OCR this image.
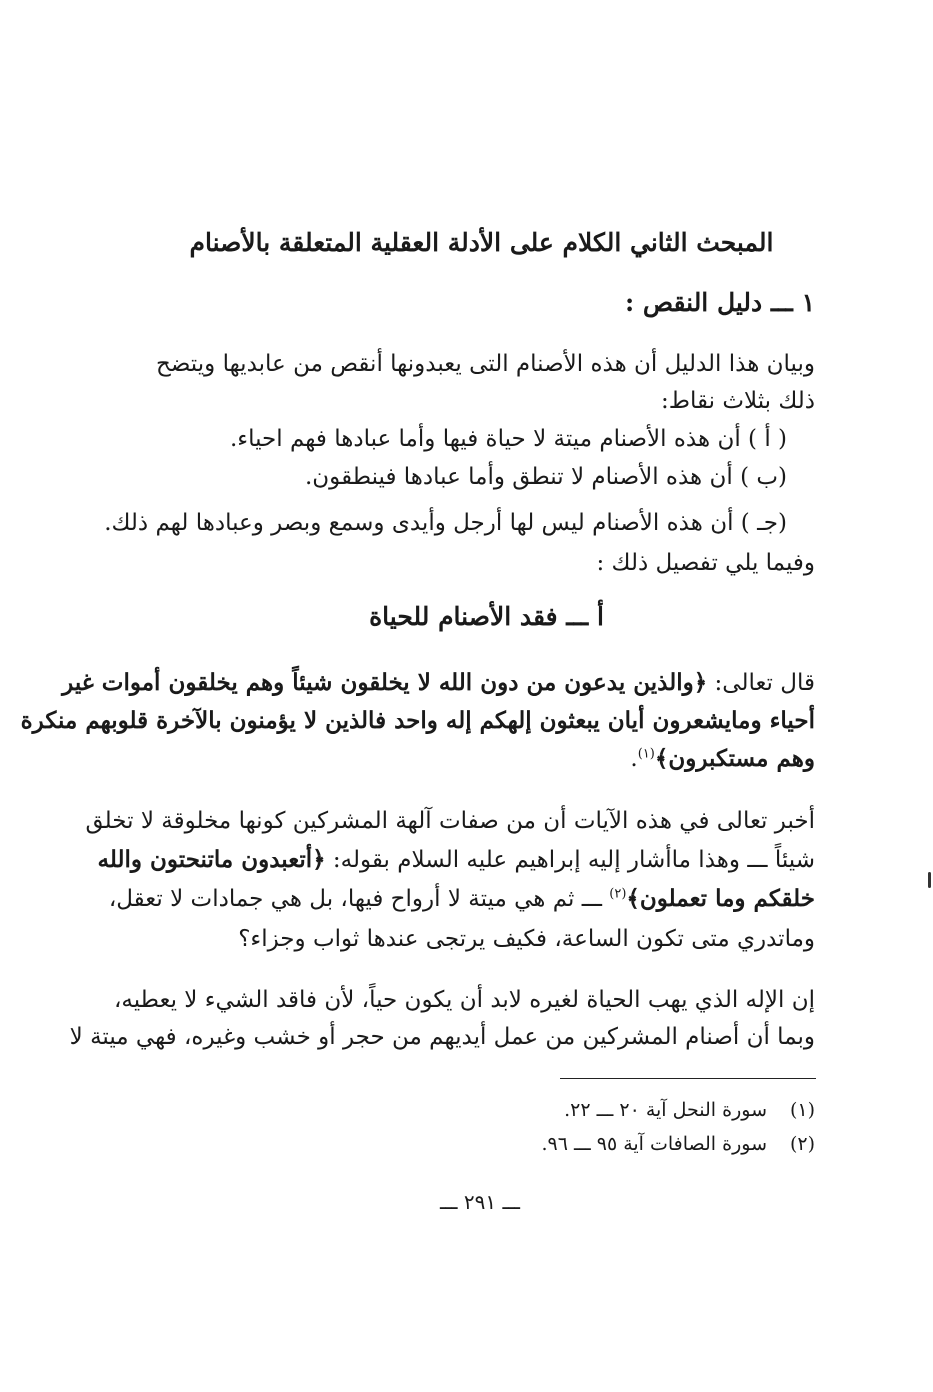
المبحث الثاني الكلام على الأدلة العقلية المتعلقة بالأصنام
١ ـــ دليل النقص :
وبيان هذا الدليل أن هذه الأصنام التى يعبدونها أنقص من عابديها ويتضح
ذلك بثلاث نقاط:
( أ ) أن هذه الأصنام ميتة لا حياة فيها وأما عبادها فهم احياء.
(ب ) أن هذه الأصنام لا تنطق وأما عبادها فينطقون.
(جـ ) أن هذه الأصنام ليس لها أرجل وأيدى وسمع وبصر وعبادها لهم ذلك.
وفيما يلي تفصيل ذلك :
أ ـــ فقد الأصنام للحياة
قال تعالى: ﴿والذين يدعون من دون الله لا يخلقون شيئاً وهم يخلقون أموات غير
أحياء ومايشعرون أيان يبعثون إلهكم إله واحد فالذين لا يؤمنون بالآخرة قلوبهم منكرة
وهم مستكبرون﴾$^{(١)}$.
أخبر تعالى في هذه الآيات أن من صفات آلهة المشركين كونها مخلوقة لا تخلق
شيئاً ـــ وهذا ماأشار إليه إبراهيم عليه السلام بقوله: ﴿أتعبدون ماتنحتون والله
خلقكم وما تعملون﴾$^{(٢)}$ ـــ ثم هي ميتة لا أرواح فيها، بل هي جمادات لا تعقل،
وماتدري متى تكون الساعة، فكيف يرتجى عندها ثواب وجزاء؟
إن الإله الذي يهب الحياة لغيره لابد أن يكون حياً، لأن فاقد الشيء لا يعطيه،
وبما أن أصنام المشركين من عمل أيديهم من حجر أو خشب وغيره، فهي ميتة لا
(١)سورة النحل آية ٢٠ ـــ ٢٢.
(٢)سورة الصافات آية ٩٥ ـــ ٩٦.
ـــ ٢٩١ ـــ
